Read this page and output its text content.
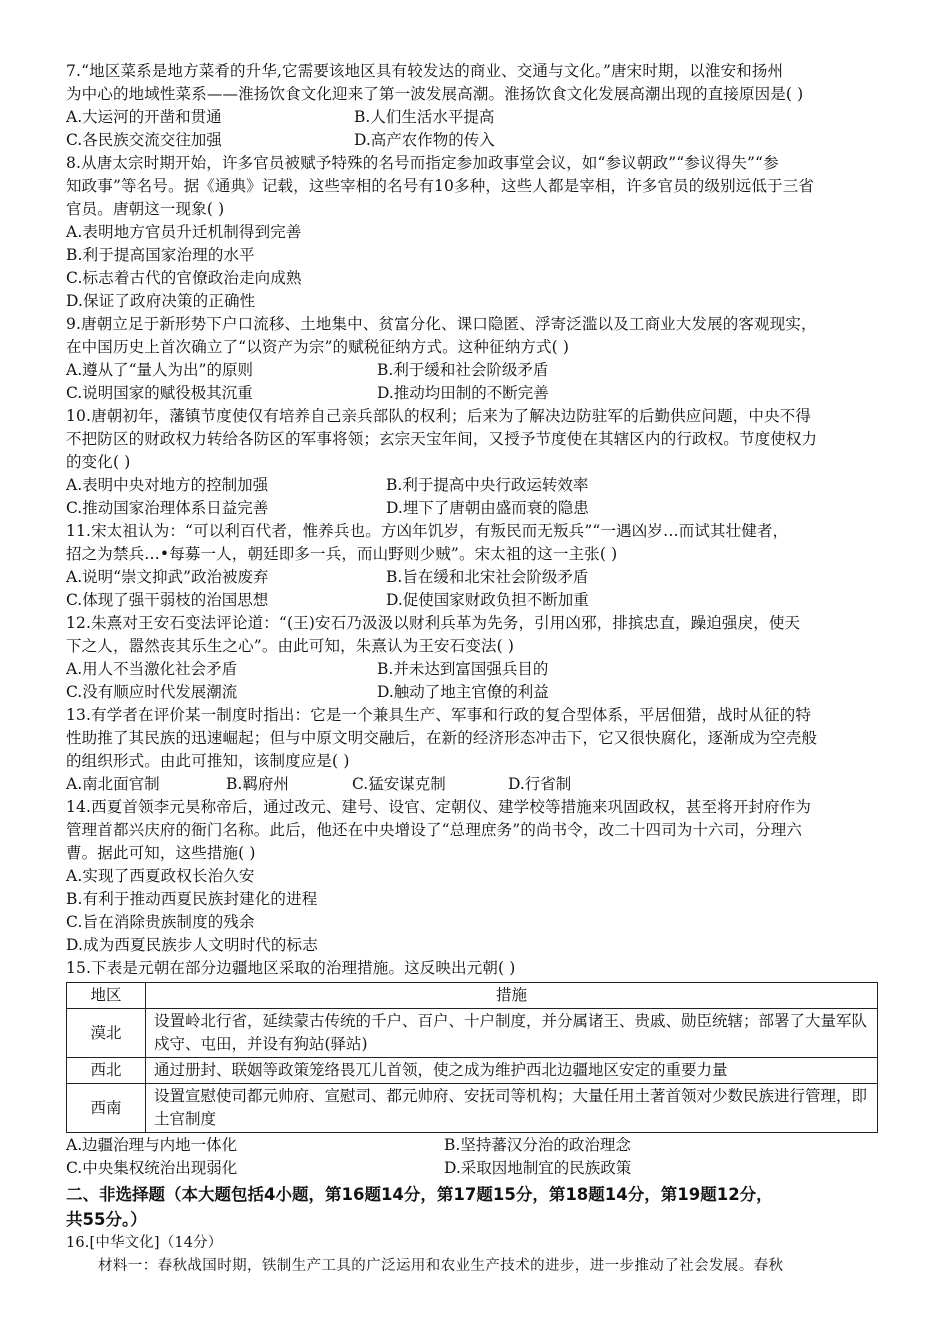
7.“地区菜系是地方菜肴的升华,它需要该地区具有较发达的商业、交通与文化。”唐宋时期，以淮安和扬州
为中心的地域性菜系——淮扬饮食文化迎来了第一波发展高潮。淮扬饮食文化发展高潮出现的直接原因是( )
A.大运河的开凿和贯通	B.人们生活水平提高
C.各民族交流交往加强	D.高产农作物的传入
8.从唐太宗时期开始，许多官员被赋予特殊的名号而指定参加政事堂会议，如“参议朝政”“参议得失”“参
知政事”等名号。据《通典》记载，这些宰相的名号有10多种，这些人都是宰相，许多官员的级别远低于三省
官员。唐朝这一现象( )
A.表明地方官员升迁机制得到完善
B.利于提高国家治理的水平
C.标志着古代的官僚政治走向成熟
D.保证了政府决策的正确性
9.唐朝立足于新形势下户口流移、土地集中、贫富分化、课口隐匿、浮寄泛滥以及工商业大发展的客观现实，
在中国历史上首次确立了“以资产为宗”的赋税征纳方式。这种征纳方式( )
A.遵从了“量人为出”的原则	B.利于缓和社会阶级矛盾
C.说明国家的赋役极其沉重	D.推动均田制的不断完善
10.唐朝初年，藩镇节度使仅有培养自己亲兵部队的权利；后来为了解决边防驻军的后勤供应问题，中央不得
不把防区的财政权力转给各防区的军事将领；玄宗天宝年间，又授予节度使在其辖区内的行政权。节度使权力
的变化( )
A.表明中央对地方的控制加强	B.利于提高中央行政运转效率
C.推动国家治理体系日益完善	D.埋下了唐朝由盛而衰的隐患
11.宋太祖认为：“可以利百代者，惟养兵也。方凶年饥岁，有叛民而无叛兵”“一遇凶岁…而试其壮健者，
招之为禁兵…•每募一人，朝廷即多一兵，而山野则少贼”。宋太祖的这一主张( )
A.说明“崇文抑武”政治被废弃	B.旨在缓和北宋社会阶级矛盾
C.体现了强干弱枝的治国思想	D.促使国家财政负担不断加重
12.朱熹对王安石变法评论道：“(王)安石乃汲汲以财利兵革为先务，引用凶邪，排摈忠直，躁迫强戾，使天
下之人，嚣然丧其乐生之心”。由此可知，朱熹认为王安石变法( )
A.用人不当激化社会矛盾	B.并未达到富国强兵目的
C.没有顺应时代发展潮流	D.触动了地主官僚的利益
13.有学者在评价某一制度时指出：它是一个兼具生产、军事和行政的复合型体系，平居佃猎，战时从征的特
性助推了其民族的迅速崛起；但与中原文明交融后，在新的经济形态冲击下，它又很快腐化，逐渐成为空壳般
的组织形式。由此可推知，该制度应是( )
A.南北面官制	B.羁府州	C.猛安谋克制	D.行省制
14.西夏首领李元昊称帝后，通过改元、建号、设官、定朝仪、建学校等措施来巩固政权，甚至将开封府作为
管理首都兴庆府的衙门名称。此后，他还在中央增设了“总理庶务”的尚书令，改二十四司为十六司，分理六
曹。据此可知，这些措施( )
A.实现了西夏政权长治久安
B.有利于推动西夏民族封建化的进程
C.旨在消除贵族制度的残余
D.成为西夏民族步人文明时代的标志
15.下表是元朝在部分边疆地区采取的治理措施。这反映出元朝( )
地区	措施
漠北	设置岭北行省，延续蒙古传统的千户、百户、十户制度，并分属诸王、贵戚、勋臣统辖；部署了大量军队戍守、屯田，并设有狗站(驿站)
西北	通过册封、联姻等政策笼络畏兀儿首领，使之成为维护西北边疆地区安定的重要力量
西南	设置宣慰使司都元帅府、宣慰司、都元帅府、安抚司等机构；大量任用土著首领对少数民族进行管理，即土官制度
A.边疆治理与内地一体化	B.坚持蕃汉分治的政治理念
C.中央集权统治出现弱化	D.采取因地制宜的民族政策
二、非选择题（本大题包括4小题，第16题14分，第17题15分，第18题14分，第19题12分，
共55分。）
16.[中华文化]（14分）
材料一：春秋战国时期，铁制生产工具的广泛运用和农业生产技术的进步，进一步推动了社会发展。春秋
